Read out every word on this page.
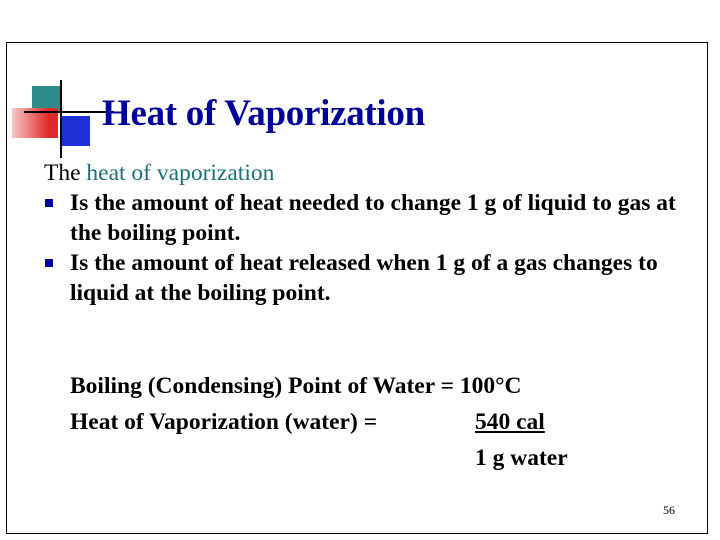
Heat of Vaporization
The heat of vaporization
Is the amount of heat needed to change 1 g of liquid to gas at the boiling point.
Is the amount of heat released when 1 g of a gas changes to liquid at the boiling point.
Boiling (Condensing) Point of Water = 100°C
Heat of Vaporization (water) =	540 cal
1 g water
56
